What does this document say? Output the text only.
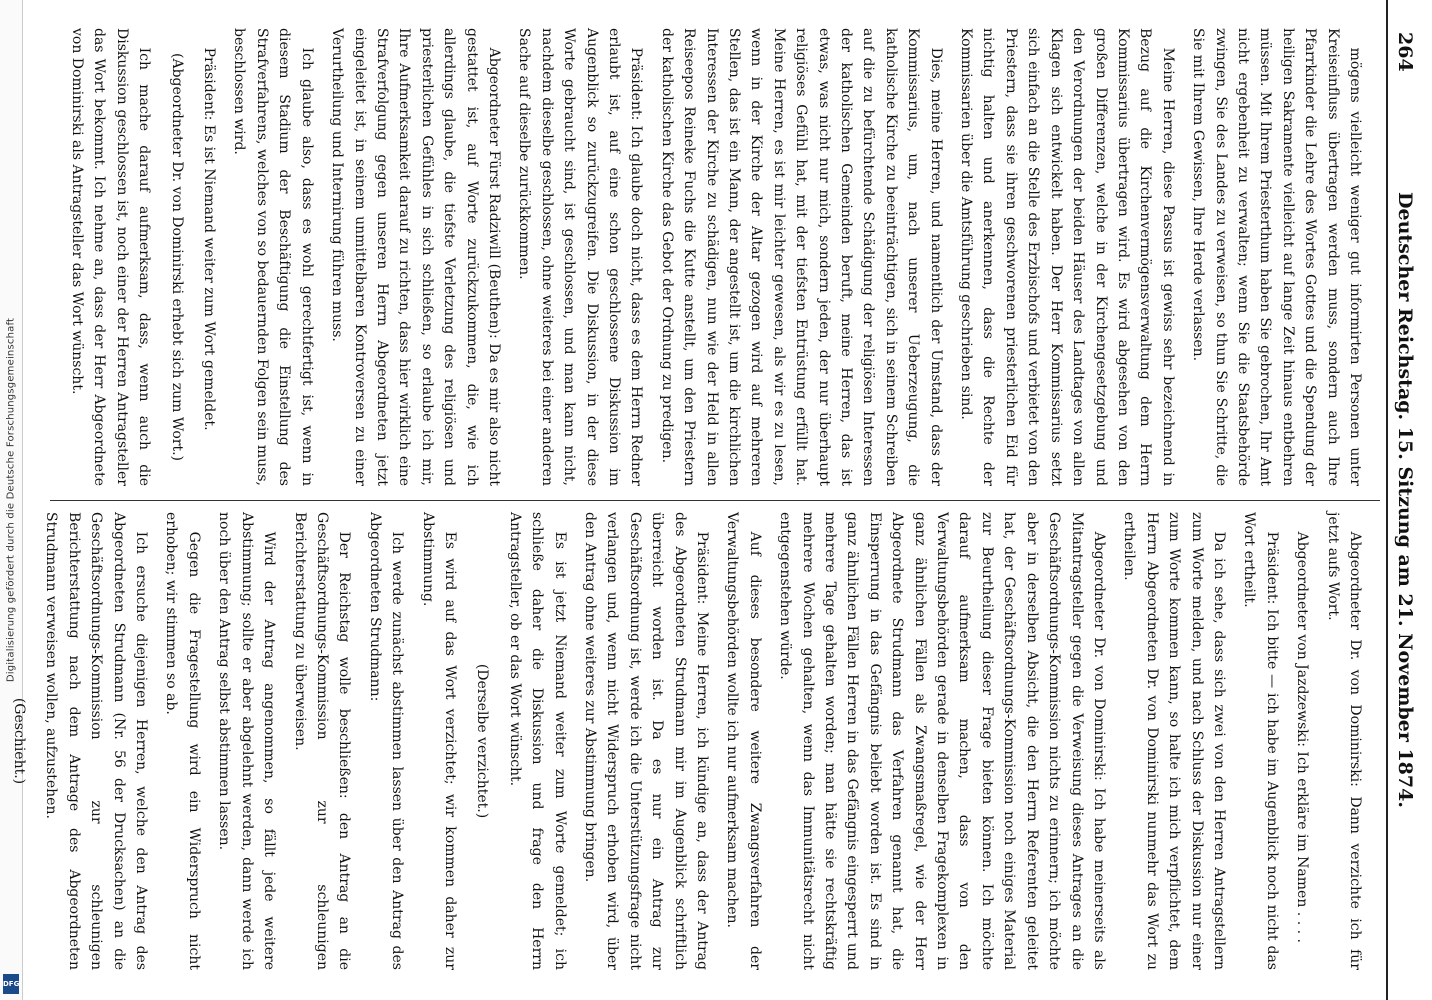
Digitalisierung gefördert durch die Deutsche Forschungsgemeinschaft
DFG
264
Deutscher Reichstag. 15. Sitzung am 21. November 1874.

mögens vielleicht weniger gut informirten Personen unter Kreiseinfluss übertragen werden muss, sondern auch Ihre Pfarrkinder die Lehre des Wortes Gottes und die Spendung der heiligen Sakramente vielleicht auf lange Zeit hinaus entbehren müssen. Mit Ihrem Priesterthum haben Sie gebrochen, Ihr Amt nicht ergebenheit zu verwalten; wenn Sie die Staatsbehörde zwingen, Sie des Landes zu verweisen, so thun Sie Schritte, die Sie mit Ihrem Gewissen, Ihre Herde verlassen.

Meine Herren, diese Passus ist gewiss sehr bezeichnend in Bezug auf die Kirchenvermögensverwaltung dem Herrn Kommissarius übertragen wird. Es wird abgesehen von den großen Differenzen, welche in der Kirchengesetzgebung und den Verordnungen der beiden Häuser des Landtages von allen Klagen sich entwickelt haben. Der Herr Kommissarius setzt sich einfach an die Stelle des Erzbischofs und verbietet von den Priestern, dass sie ihren geschworenen priesterlichen Eid für nichtig halten und anerkennen, dass die Rechte der Kommissarien über die Amtsführung geschrieben sind.

Dies, meine Herren, und namentlich der Umstand, dass der Kommissarius, um, nach unserer Ueberzeugung, die katholische Kirche zu beeinträchtigen, sich in seinem Schreiben auf die zu befürchtende Schädigung der religiösen Interessen der katholischen Gemeinden beruft, meine Herren, das ist etwas, was nicht nur mich, sondern jeden, der nur überhaupt religiöses Gefühl hat, mit der tiefsten Entrüstung erfüllt hat. Meine Herren, es ist mir leichter gewesen, als wir es zu lesen, wenn in der Kirche der Altar gezogen wird auf mehreren Stellen, das ist ein Mann, der angestellt ist, um die kirchlichen Interessen der Kirche zu schädigen, nun wie der Held in allen Reiseepos Reineke Fuchs die Kutte anstellt, um den Priestern der katholischen Kirche das Gebot der Ordnung zu predigen.

Präsident: Ich glaube doch nicht, dass es dem Herrn Redner erlaubt ist, auf eine schon geschlossene Diskussion im Augenblick so zurückzugreifen. Die Diskussion, in der diese Worte gebraucht sind, ist geschlossen, und man kann nicht, nachdem dieselbe geschlossen, ohne weiteres bei einer anderen Sache auf dieselbe zurückkommen.

Abgeordneter Fürst Radziwill (Beuthen): Da es mir also nicht gestattet ist, auf Worte zurückzukommen, die, wie ich allerdings glaube, die tiefste Verletzung des religiösen und priesterlichen Gefühles in sich schließen, so erlaube ich mir, Ihre Aufmerksamkeit darauf zu richten, dass hier wirklich eine Strafverfolgung gegen unseren Herrn Abgeordneten jetzt eingeleitet ist, in seinem unmittelbaren Kontroversen zu einer Verurtheilung und Internirung führen muss.

Ich glaube also, dass es wohl gerechtfertigt ist, wenn in diesem Stadium der Beschäftigung die Einstellung des Strafverfahrens, welches von so bedauernden Folgen sein muss, beschlossen wird.

Präsident: Es ist Niemand weiter zum Wort gemeldet.

(Abgeordneter Dr. von Dominirski erhebt sich zum Wort.)

Ich mache darauf aufmerksam, dass, wenn auch die Diskussion geschlossen ist, noch einer der Herren Antragsteller das Wort bekommt. Ich nehme an, dass der Herr Abgeordnete von Dominirski als Antragsteller das Wort wünscht.

Abgeordneter Dr. von Dominirski: Dann verzichte ich für jetzt aufs Wort.

Abgeordneter von Jazdzewski: Ich erkläre im Namen . . . .

Präsident: Ich bitte — ich habe im Augenblick noch nicht das Wort ertheilt.

Da ich sehe, dass sich zwei von den Herren Antragstellern zum Worte melden, und nach Schluss der Diskussion nur einer zum Worte kommen kann, so halte ich mich verpflichtet, dem Herrn Abgeordneten Dr. von Dominirski nunmehr das Wort zu ertheilen.

Abgeordneter Dr. von Dominirski: Ich habe meinerseits als Mitantragsteller gegen die Verweisung dieses Antrages an die Geschäftsordnungs-Kommission nichts zu erinnern; ich möchte aber in derselben Absicht, die den Herrn Referenten geleitet hat, der Geschäftsordnungs-Kommission noch einiges Material zur Beurtheilung dieser Frage bieten können. Ich möchte darauf aufmerksam machen, dass von den Verwaltungsbehörden gerade in denselben Fragekomplexen in ganz ähnlichen Fällen als Zwangsmaßregel, wie der Herr Abgeordnete Strudmann das Verfahren genannt hat, die Einsperrung in das Gefängnis beliebt worden ist. Es sind in ganz ähnlichen Fällen Herren in das Gefängnis eingesperrt und mehrere Tage gehalten worden; man hätte sie rechtskräftig mehrere Wochen gehalten, wenn das Immunitätsrecht nicht entgegenstehen würde.

Auf dieses besondere weitere Zwangsverfahren der Verwaltungsbehörden wollte ich nur aufmerksam machen.

Präsident: Meine Herren, ich kündige an, dass der Antrag des Abgeordneten Strudmann mir im Augenblick schriftlich überreicht worden ist. Da es nur ein Antrag zur Geschäftsordnung ist, werde ich die Unterstützungsfrage nicht verlangen und, wenn nicht Widerspruch erhoben wird, über den Antrag ohne weiteres zur Abstimmung bringen.

Es ist jetzt Niemand weiter zum Worte gemeldet; ich schließe daher die Diskussion und frage den Herrn Antragsteller, ob er das Wort wünscht.

(Derselbe verzichtet.)

Es wird auf das Wort verzichtet; wir kommen daher zur Abstimmung.

Ich werde zunächst abstimmen lassen über den Antrag des Abgeordneten Strudmann:

Der Reichstag wolle beschließen: den Antrag an die Geschäftsordnungs-Kommission zur schleunigen Berichterstattung zu überweisen.

Wird der Antrag angenommen, so fällt jede weitere Abstimmung; sollte er aber abgelehnt werden, dann werde ich noch über den Antrag selbst abstimmen lassen.

Gegen die Fragestellung wird ein Widerspruch nicht erhoben; wir stimmen so ab.

Ich ersuche diejenigen Herren, welche den Antrag des Abgeordneten Strudmann (Nr. 56 der Drucksachen) an die Geschäftsordnungs-Kommission zur schleunigen Berichterstattung nach dem Antrage des Abgeordneten Strudmann verweisen wollen, aufzustehen.

(Geschieht.)
